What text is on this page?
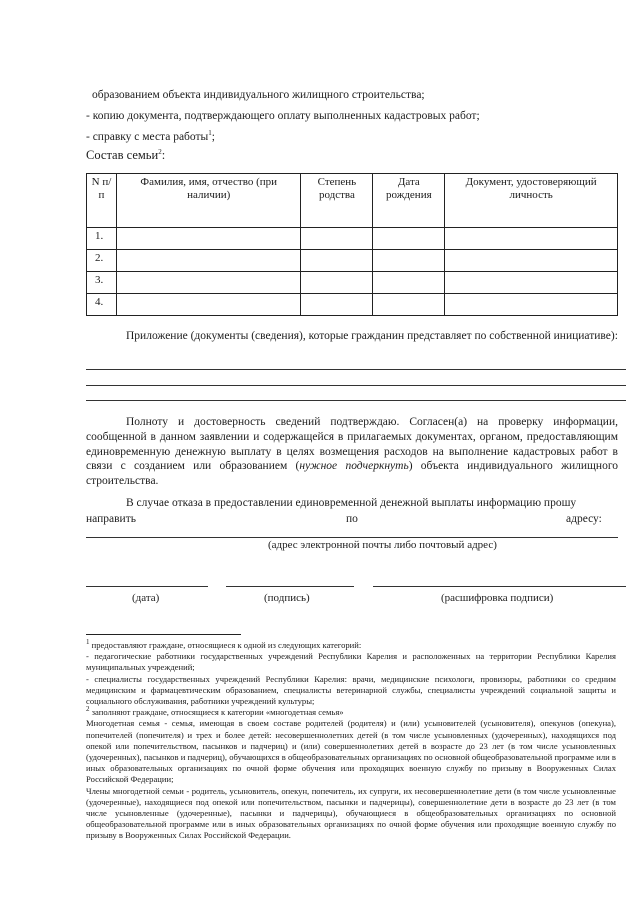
образованием объекта индивидуального жилищного строительства;
- копию документа, подтверждающего оплату выполненных кадастровых работ;
- справку с места работы$^1$;
Состав семьи$^2$:
N п/п	Фамилия, имя, отчество (при наличии)	Степень родства	Дата рождения	Документ, удостоверяющий личность
1.				
2.				
3.				
4.				
Приложение (документы (сведения), которые гражданин представляет по собственной инициативе):
Полноту и достоверность сведений подтверждаю. Согласен(а) на проверку информации, сообщенной в данном заявлении и содержащейся в прилагаемых документах, органом, предоставляющим единовременную денежную выплату в целях возмещения расходов на выполнение кадастровых работ в связи с созданием или образованием (нужное подчеркнуть) объекта индивидуального жилищного строительства.
В случае отказа в предоставлении единовременной денежной выплаты информацию прошу
направить	по	адресу:
(адрес электронной почты либо почтовый адрес)
(дата)	(подпись)	(расшифровка подписи)
$^1$ предоставляют граждане, относящиеся к одной из следующих категорий:
- педагогические работники государственных учреждений Республики Карелия и расположенных на территории Республики Карелия муниципальных учреждений;
- специалисты государственных учреждений Республики Карелия: врачи, медицинские психологи, провизоры, работники со средним медицинским и фармацевтическим образованием, специалисты ветеринарной службы, специалисты учреждений социальной защиты и социального обслуживания, работники учреждений культуры;
$^2$ заполняют граждане, относящиеся к категории «многодетная семья»
Многодетная семья - семья, имеющая в своем составе родителей (родителя) и (или) усыновителей (усыновителя), опекунов (опекуна), попечителей (попечителя) и трех и более детей: несовершеннолетних детей (в том числе усыновленных (удочеренных), находящихся под опекой или попечительством, пасынков и падчериц) и (или) совершеннолетних детей в возрасте до 23 лет (в том числе усыновленных (удочеренных), пасынков и падчериц), обучающихся в общеобразовательных организациях по основной общеобразовательной программе или в иных образовательных организациях по очной форме обучения или проходящих военную службу по призыву в Вооруженных Силах Российской Федерации;
Члены многодетной семьи - родитель, усыновитель, опекун, попечитель, их супруги, их несовершеннолетние дети (в том числе усыновленные (удочеренные), находящиеся под опекой или попечительством, пасынки и падчерицы), совершеннолетние дети в возрасте до 23 лет (в том числе усыновленные (удочеренные), пасынки и падчерицы), обучающиеся в общеобразовательных организациях по основной общеобразовательной программе или в иных образовательных организациях по очной форме обучения или проходящие военную службу по призыву в Вооруженных Силах Российской Федерации.
